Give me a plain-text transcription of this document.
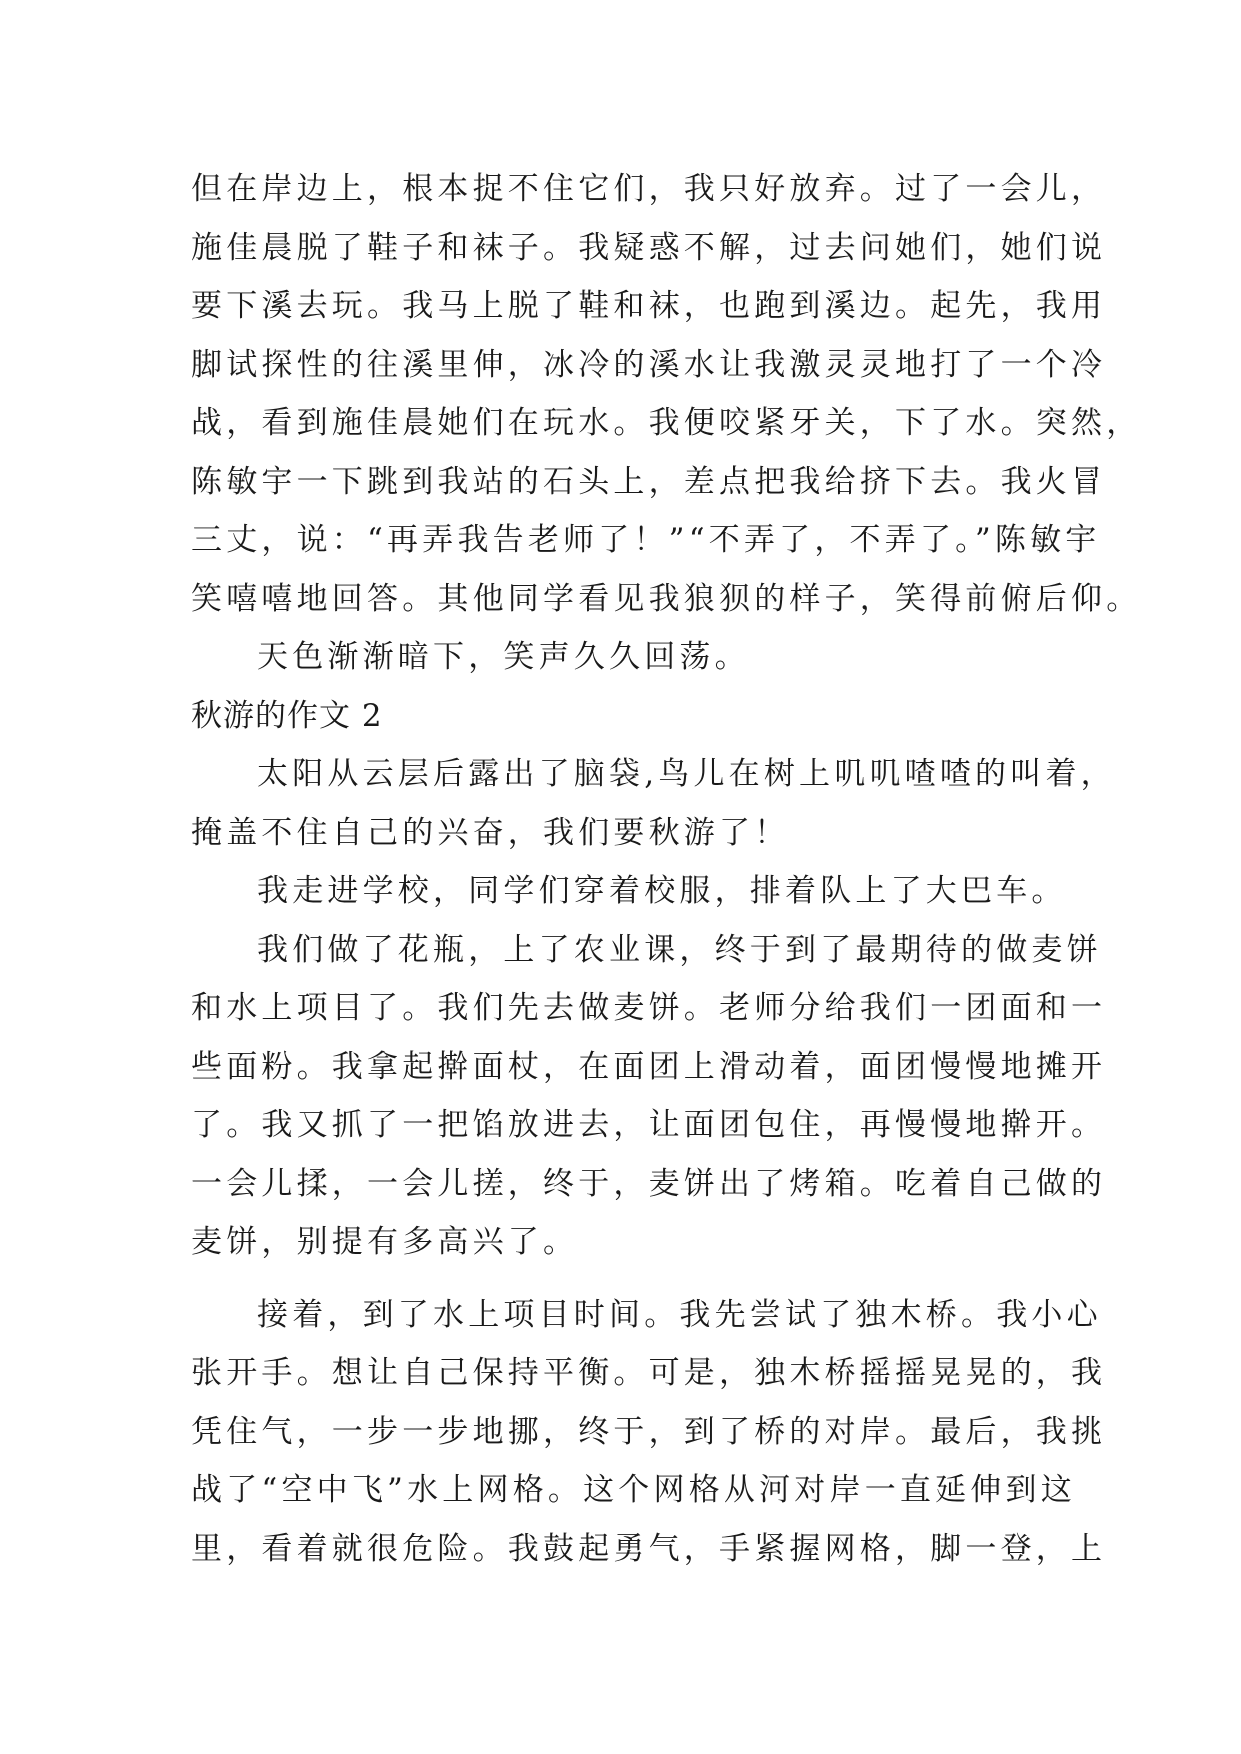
但在岸边上，根本捉不住它们，我只好放弃。过了一会儿，
施佳晨脱了鞋子和袜子。我疑惑不解，过去问她们，她们说
要下溪去玩。我马上脱了鞋和袜，也跑到溪边。起先，我用
脚试探性的往溪里伸，冰冷的溪水让我激灵灵地打了一个冷
战，看到施佳晨她们在玩水。我便咬紧牙关，下了水。突然，
陈敏宇一下跳到我站的石头上，差点把我给挤下去。我火冒
三丈，说：“再弄我告老师了！”“不弄了，不弄了。”陈敏宇
笑嘻嘻地回答。其他同学看见我狼狈的样子，笑得前俯后仰。
天色渐渐暗下，笑声久久回荡。
秋游的作文 2
太阳从云层后露出了脑袋,鸟儿在树上叽叽喳喳的叫着，
掩盖不住自己的兴奋，我们要秋游了！
我走进学校，同学们穿着校服，排着队上了大巴车。
我们做了花瓶，上了农业课，终于到了最期待的做麦饼
和水上项目了。我们先去做麦饼。老师分给我们一团面和一
些面粉。我拿起擀面杖，在面团上滑动着，面团慢慢地摊开
了。我又抓了一把馅放进去，让面团包住，再慢慢地擀开。
一会儿揉，一会儿搓，终于，麦饼出了烤箱。吃着自己做的
麦饼，别提有多高兴了。
接着，到了水上项目时间。我先尝试了独木桥。我小心
张开手。想让自己保持平衡。可是，独木桥摇摇晃晃的，我
凭住气，一步一步地挪，终于，到了桥的对岸。最后，我挑
战了“空中飞”水上网格。这个网格从河对岸一直延伸到这
里，看着就很危险。我鼓起勇气，手紧握网格，脚一登，上
